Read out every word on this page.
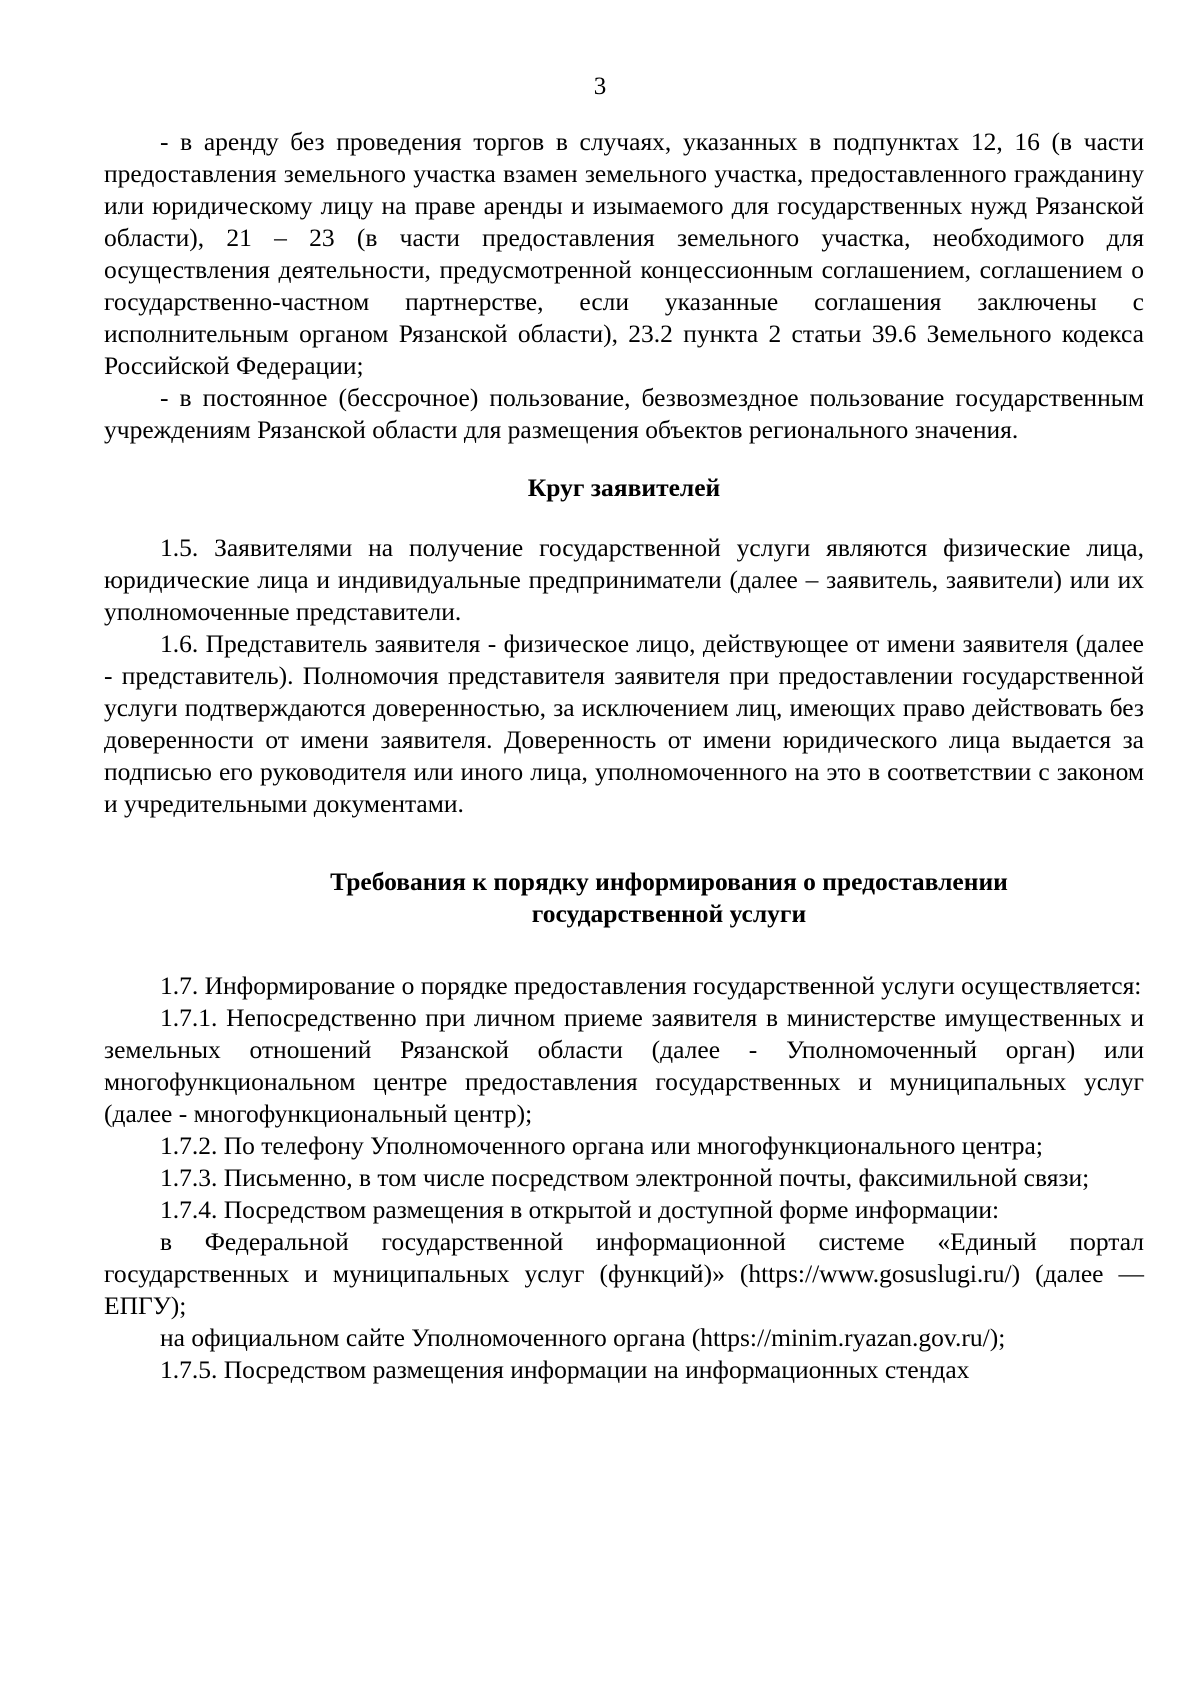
3

- в аренду без проведения торгов в случаях, указанных в подпунктах 12, 16 (в части предоставления земельного участка взамен земельного участка, предоставленного гражданину или юридическому лицу на праве аренды и изымаемого для государственных нужд Рязанской области), 21 – 23 (в части предоставления земельного участка, необходимого для осуществления деятельности, предусмотренной концессионным соглашением, соглашением о государственно-частном партнерстве, если указанные соглашения заключены с исполнительным органом Рязанской области), 23.2 пункта 2 статьи 39.6 Земельного кодекса Российской Федерации;

- в постоянное (бессрочное) пользование, безвозмездное пользование государственным учреждениям Рязанской области для размещения объектов регионального значения.

Круг заявителей

1.5. Заявителями на получение государственной услуги являются физические лица, юридические лица и индивидуальные предприниматели (далее – заявитель, заявители) или их уполномоченные представители.

1.6. Представитель заявителя - физическое лицо, действующее от имени заявителя (далее - представитель). Полномочия представителя заявителя при предоставлении государственной услуги подтверждаются доверенностью, за исключением лиц, имеющих право действовать без доверенности от имени заявителя. Доверенность от имени юридического лица выдается за подписью его руководителя или иного лица, уполномоченного на это в соответствии с законом и учредительными документами.

Требования к порядку информирования о предоставлении
государственной услуги

1.7. Информирование о порядке предоставления государственной услуги осуществляется:

1.7.1. Непосредственно при личном приеме заявителя в министерстве имущественных и земельных отношений Рязанской области (далее - Уполномоченный орган) или многофункциональном центре предоставления государственных и муниципальных услуг (далее - многофункциональный центр);

1.7.2. По телефону Уполномоченного органа или многофункционального центра;

1.7.3. Письменно, в том числе посредством электронной почты, факсимильной связи;

1.7.4. Посредством размещения в открытой и доступной форме информации:

в Федеральной государственной информационной системе «Единый портал государственных и муниципальных услуг (функций)» (https://www.gosuslugi.ru/) (далее — ЕПГУ);

на официальном сайте Уполномоченного органа (https://minim.ryazan.gov.ru/);

1.7.5. Посредством размещения информации на информационных стендах
